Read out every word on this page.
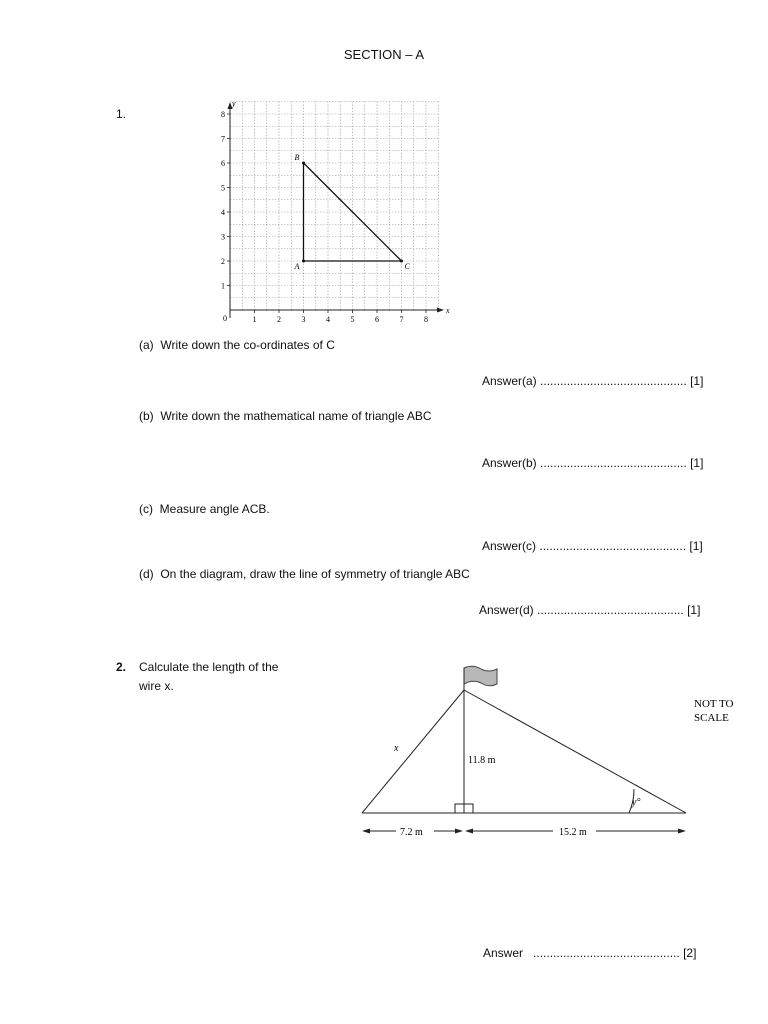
SECTION – A
1.
y
x
0	1	2	3	4	5	6	7	8
1
2
3
4
5
6
7
8
A
B
C
(a) Write down the co-ordinates of C
Answer(a) ............................................ [1]
(b) Write down the mathematical name of triangle ABC
Answer(b) ............................................ [1]
(c) Measure angle ACB.
Answer(c) ............................................ [1]
(d) On the diagram, draw the line of symmetry of triangle ABC
Answer(d) ............................................ [1]
2. Calculate the length of the
wire x.
x
11.8 m
y°
NOT TO
SCALE
7.2 m	15.2 m
Answer ............................................ [2]
